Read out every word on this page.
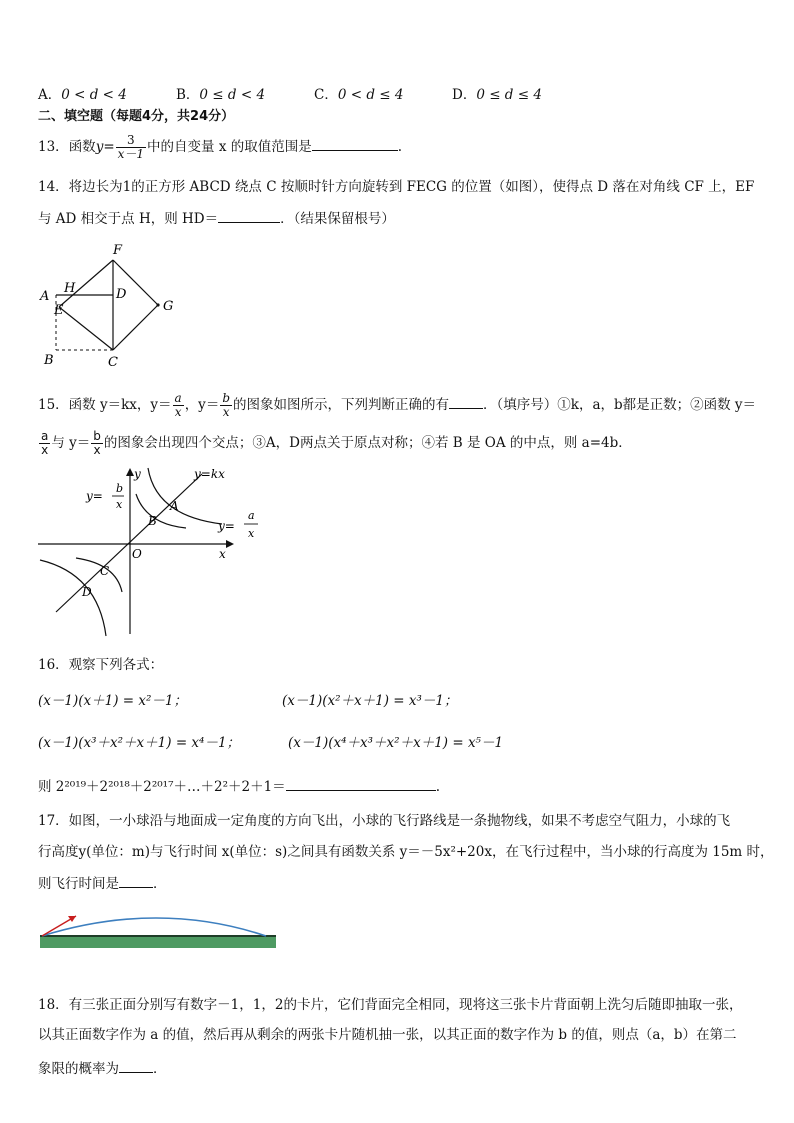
A．0 < d < 4	B．0 ≤ d < 4	C．0 < d ≤ 4	D．0 ≤ d ≤ 4
二、填空题（每题4分，共24分）
13．函数$y= \frac{3}{x-1}$ 中的自变量 x 的取值范围是	.
14．将边长为1的正方形 ABCD 绕点 C 按顺时针方向旋转到 FECG 的位置（如图），使得点 D 落在对角线 CF 上，EF
与 AD 相交于点 H，则 HD＝	．（结果保留根号）
F
H
A
E
D
G
B	C
15．函数 y＝kx，$y= \frac{a}{x}$ ，$y= \frac{b}{x}$ 的图象如图所示，下列判断正确的有	．（填序号）①k，a，b都是正数；②函数 y＝
$\frac{a}{x}$ 与 $y= \frac{b}{x}$ 的图象会出现四个交点；③A，D两点关于原点对称；④若 B 是 OA 的中点，则 a=4b．
y
x
O
y=kx
A
B
C
D
y=
b
x
y=
a
x
16．观察下列各式：
(x－1)(x＋1) = x²－1；	(x－1)(x²＋x＋1) = x³－1；
(x－1)(x³＋x²＋x＋1) = x⁴－1；	(x－1)(x⁴＋x³＋x²＋x＋1) = x⁵－1
则 2²⁰¹⁹＋2²⁰¹⁸＋2²⁰¹⁷＋…＋2²＋2＋1＝	.
17．如图，一小球沿与地面成一定角度的方向飞出，小球的飞行路线是一条抛物线，如果不考虑空气阻力，小球的飞
行高度y(单位：m)与飞行时间 x(单位：s)之间具有函数关系 y＝－5x²+20x，在飞行过程中，当小球的行高度为 15m 时，
则飞行时间是	．
18．有三张正面分别写有数字－1，1，2的卡片，它们背面完全相同，现将这三张卡片背面朝上洗匀后随即抽取一张，
以其正面数字作为 a 的值，然后再从剩余的两张卡片随机抽一张，以其正面的数字作为 b 的值，则点（a，b）在第二
象限的概率为	．
